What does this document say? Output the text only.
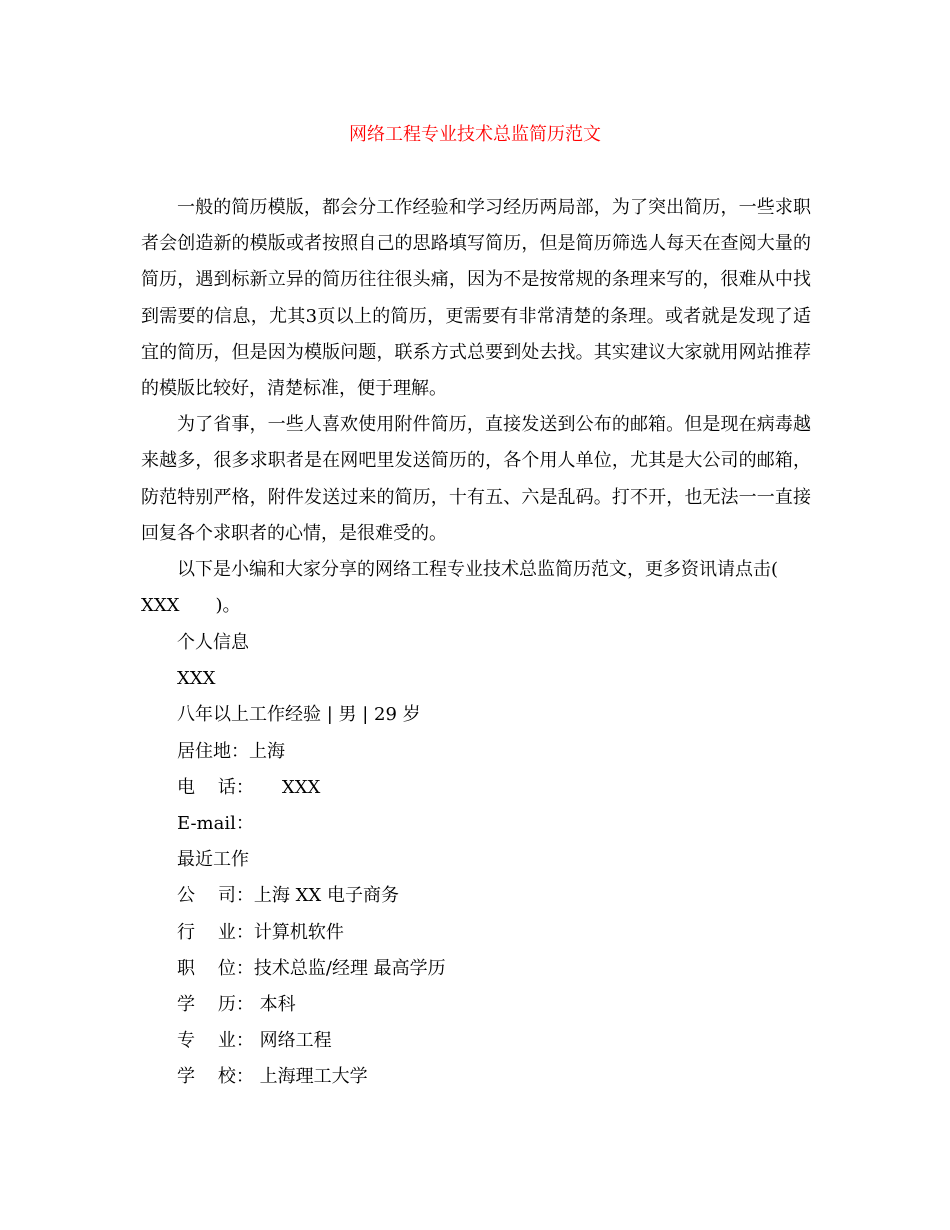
网络工程专业技术总监简历范文

一般的简历模版，都会分工作经验和学习经历两局部，为了突出简历，一些求职者会创造新的模版或者按照自己的思路填写简历，但是简历筛选人每天在查阅大量的简历，遇到标新立异的简历往往很头痛，因为不是按常规的条理来写的，很难从中找到需要的信息，尤其3页以上的简历，更需要有非常清楚的条理。或者就是发现了适宜的简历，但是因为模版问题，联系方式总要到处去找。其实建议大家就用网站推荐的模版比较好，清楚标准，便于理解。

为了省事，一些人喜欢使用附件简历，直接发送到公布的邮箱。但是现在病毒越来越多，很多求职者是在网吧里发送简历的，各个用人单位，尤其是大公司的邮箱，防范特别严格，附件发送过来的简历，十有五、六是乱码。打不开，也无法一一直接回复各个求职者的心情，是很难受的。

以下是小编和大家分享的网络工程专业技术总监简历范文，更多资讯请点击(

XXX )。
个人信息
XXX
八年以上工作经验 | 男 | 29 岁
居住地：上海
电    话： XXX
E-mail：
最近工作
公    司：上海 XX 电子商务
行    业：计算机软件
职    位：技术总监/经理 最高学历
学    历： 本科
专    业： 网络工程
学    校： 上海理工大学
